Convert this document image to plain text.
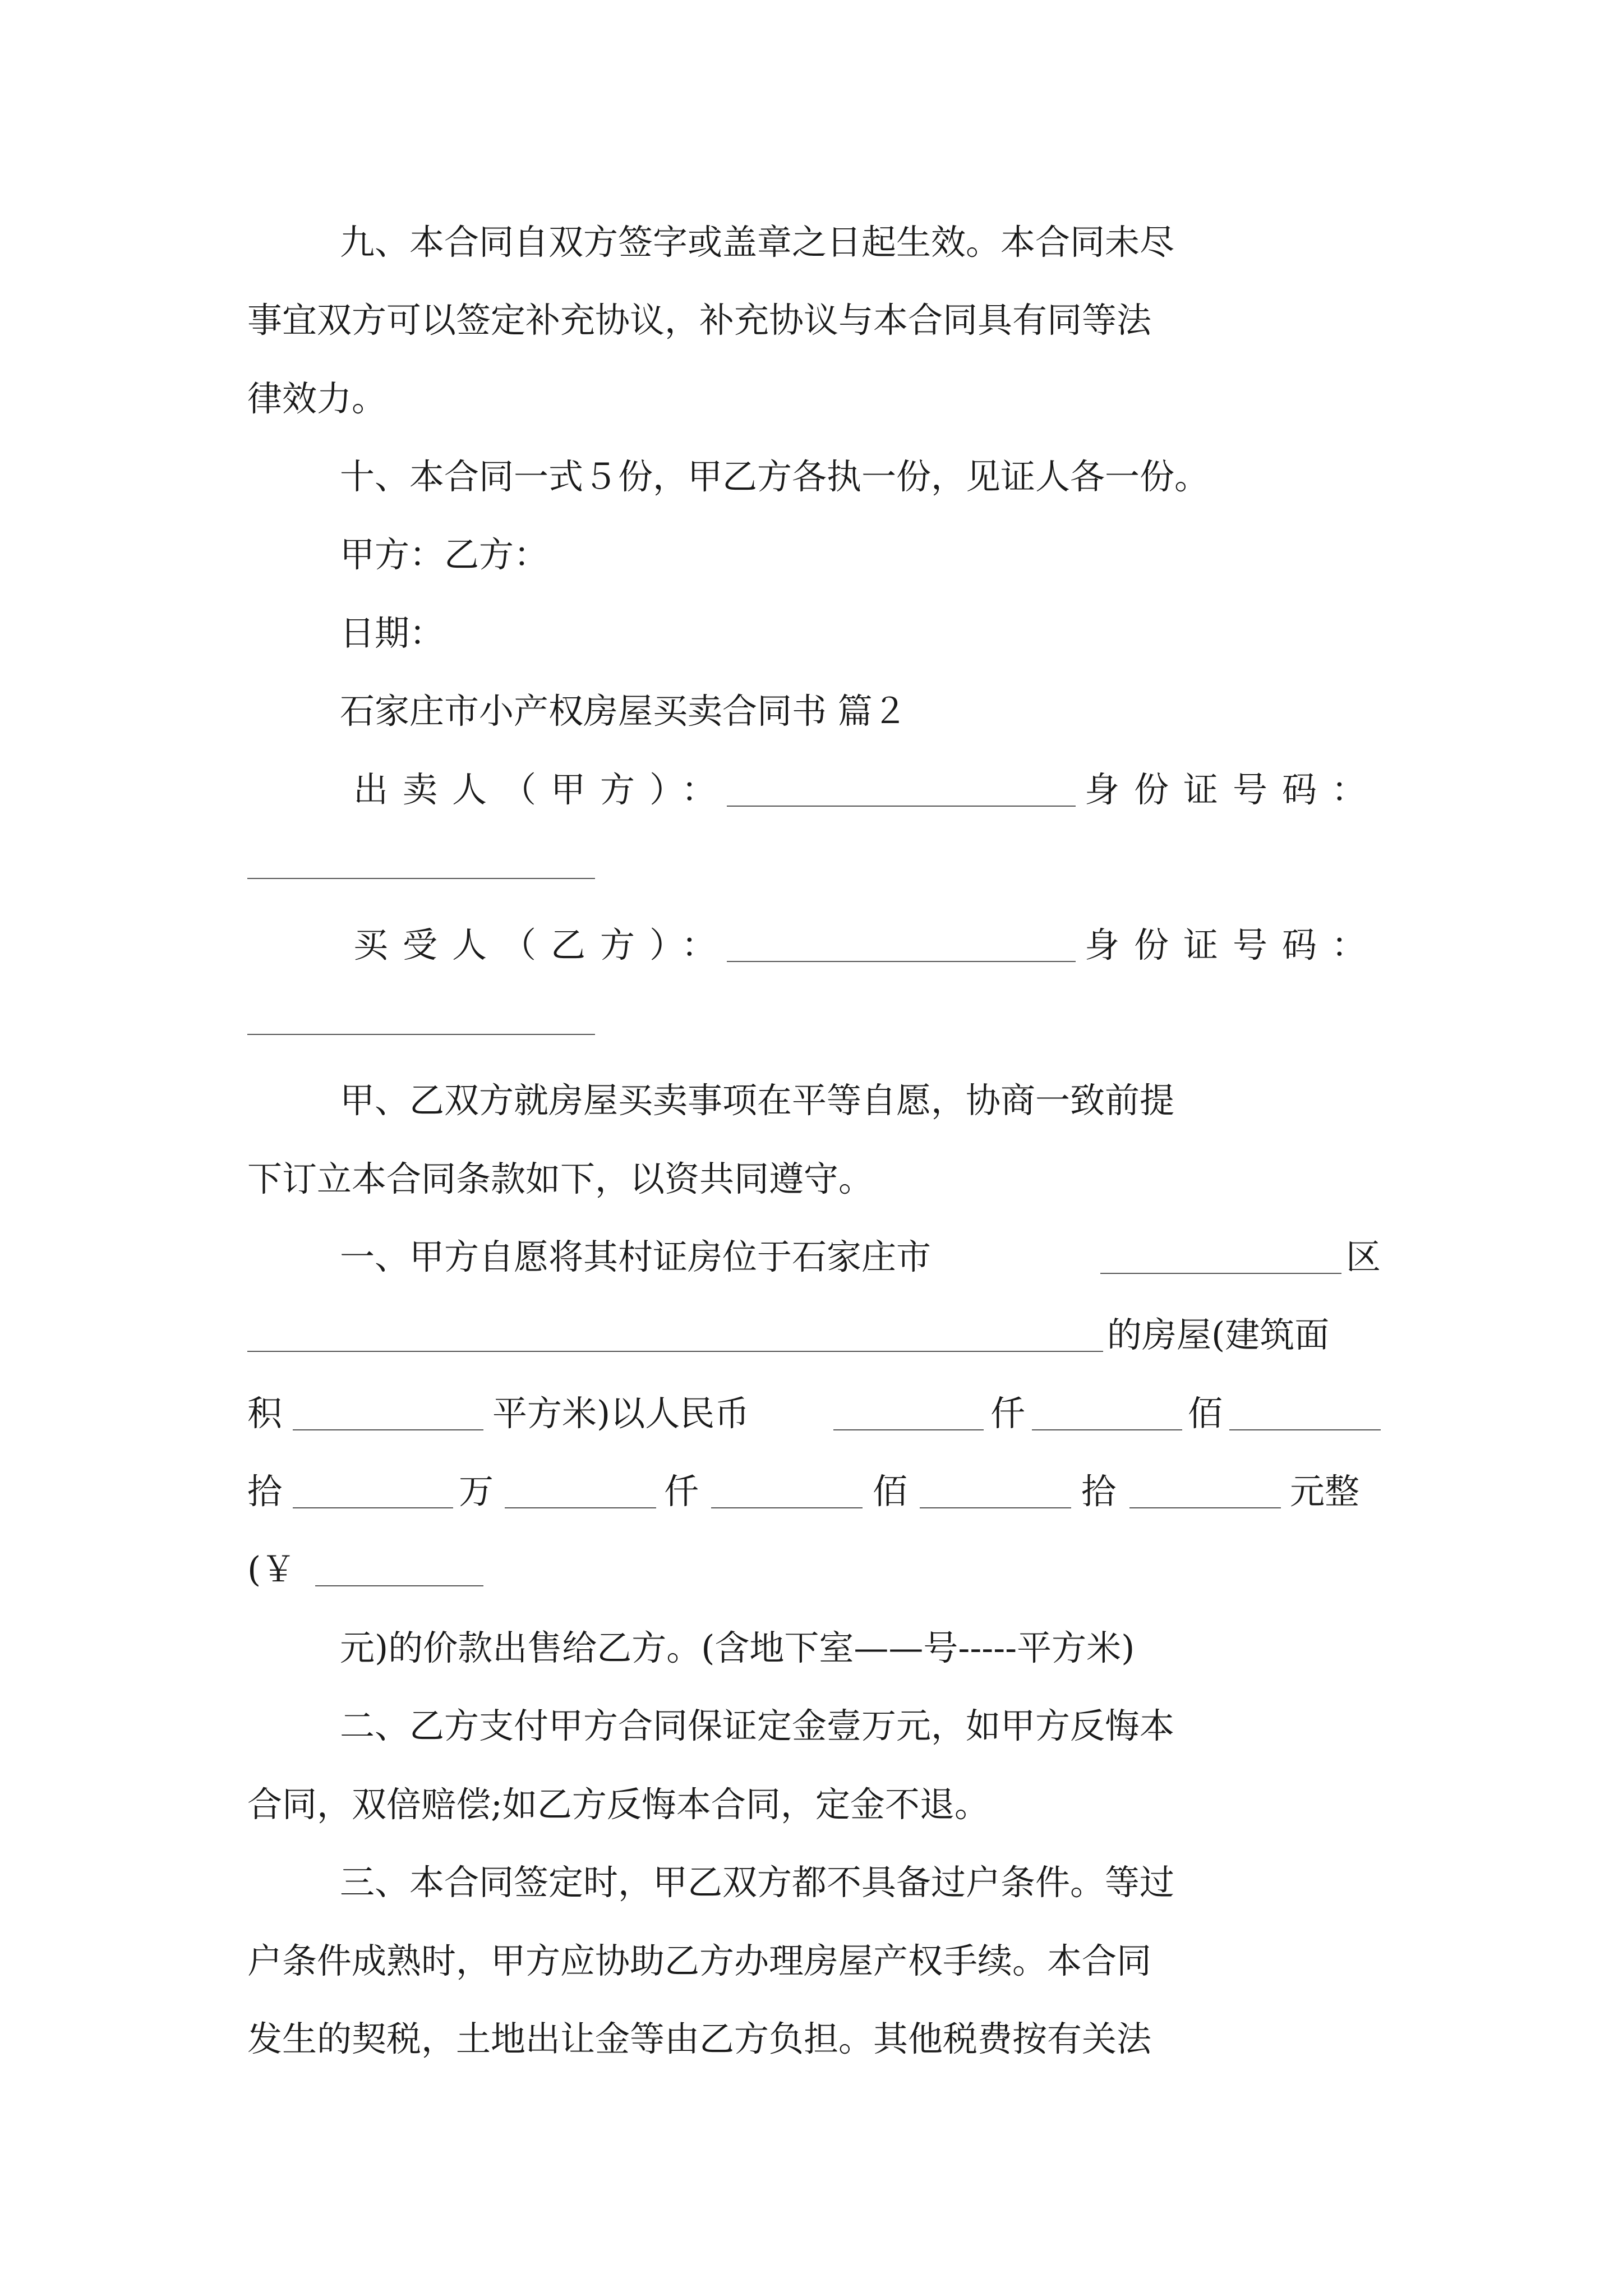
九、本合同自双方签字或盖章之日起生效。本合同未尽
事宜双方可以签定补充协议，补充协议与本合同具有同等法
律效力。
十、本合同一式５份，甲乙方各执一份，见证人各一份。
甲方：乙方：
日期：
石家庄市小产权房屋买卖合同书 篇２
出卖人（甲方）：	身份证号码：
买受人（乙方）：	身份证号码：
甲、乙双方就房屋买卖事项在平等自愿，协商一致前提
下订立本合同条款如下，以资共同遵守。
一、甲方自愿将其村证房位于石家庄市	区
的房屋(建筑面
积	平方米)以人民币	仟	佰
拾	万	仟	佰	拾	元整
(￥
元)的价款出售给乙方。(含地下室——号-----平方米)
二、乙方支付甲方合同保证定金壹万元，如甲方反悔本
合同，双倍赔偿;如乙方反悔本合同，定金不退。
三、本合同签定时，甲乙双方都不具备过户条件。等过
户条件成熟时，甲方应协助乙方办理房屋产权手续。本合同
发生的契税，土地出让金等由乙方负担。其他税费按有关法
